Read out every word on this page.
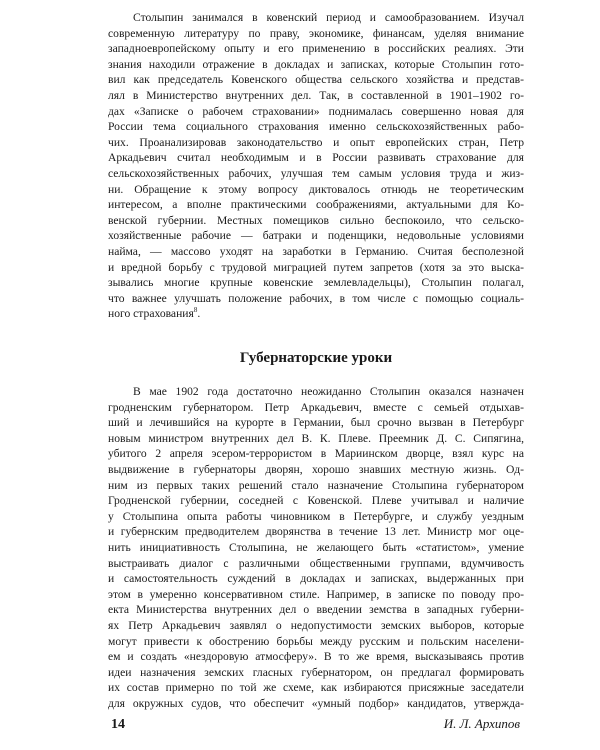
Столыпин занимался в ковенский период и самообразованием. Изучал
современную литературу по праву, экономике, финансам, уделяя внимание
западноевропейскому опыту и его применению в российских реалиях. Эти
знания находили отражение в докладах и записках, которые Столыпин гото-
вил как председатель Ковенского общества сельского хозяйства и представ-
лял в Министерство внутренних дел. Так, в составленной в 1901–1902 го-
дах «Записке о рабочем страховании» поднималась совершенно новая для
России тема социального страхования именно сельскохозяйственных рабо-
чих. Проанализировав законодательство и опыт европейских стран, Петр
Аркадьевич считал необходимым и в России развивать страхование для
сельскохозяйственных рабочих, улучшая тем самым условия труда и жиз-
ни. Обращение к этому вопросу диктовалось отнюдь не теоретическим
интересом, а вполне практическими соображениями, актуальными для Ко-
венской губернии. Местных помещиков сильно беспокоило, что сельско-
хозяйственные рабочие — батраки и поденщики, недовольные условиями
найма, — массово уходят на заработки в Германию. Считая бесполезной
и вредной борьбу с трудовой миграцией путем запретов (хотя за это выска-
зывались многие крупные ковенские землевладельцы), Столыпин полагал,
что важнее улучшать положение рабочих, в том числе с помощью социаль-
ного страхования$^8$.
Губернаторские уроки
В мае 1902 года достаточно неожиданно Столыпин оказался назначен
гродненским губернатором. Петр Аркадьевич, вместе с семьей отдыхав-
ший и лечившийся на курорте в Германии, был срочно вызван в Петербург
новым министром внутренних дел В. К. Плеве. Преемник Д. С. Сипягина,
убитого 2 апреля эсером-террористом в Мариинском дворце, взял курс на
выдвижение в губернаторы дворян, хорошо знавших местную жизнь. Од-
ним из первых таких решений стало назначение Столыпина губернатором
Гродненской губернии, соседней с Ковенской. Плеве учитывал и наличие
у Столыпина опыта работы чиновником в Петербурге, и службу уездным
и губернским предводителем дворянства в течение 13 лет. Министр мог оце-
нить инициативность Столыпина, не желающего быть «статистом», умение
выстраивать диалог с различными общественными группами, вдумчивость
и самостоятельность суждений в докладах и записках, выдержанных при
этом в умеренно консервативном стиле. Например, в записке по поводу про-
екта Министерства внутренних дел о введении земства в западных губерни-
ях Петр Аркадьевич заявлял о недопустимости земских выборов, которые
могут привести к обострению борьбы между русским и польским населени-
ем и создать «нездоровую атмосферу». В то же время, высказываясь против
идеи назначения земских гласных губернатором, он предлагал формировать
их состав примерно по той же схеме, как избираются присяжные заседатели
для окружных судов, что обеспечит «умный подбор» кандидатов, утвержда-
14	И. Л. Архипов
